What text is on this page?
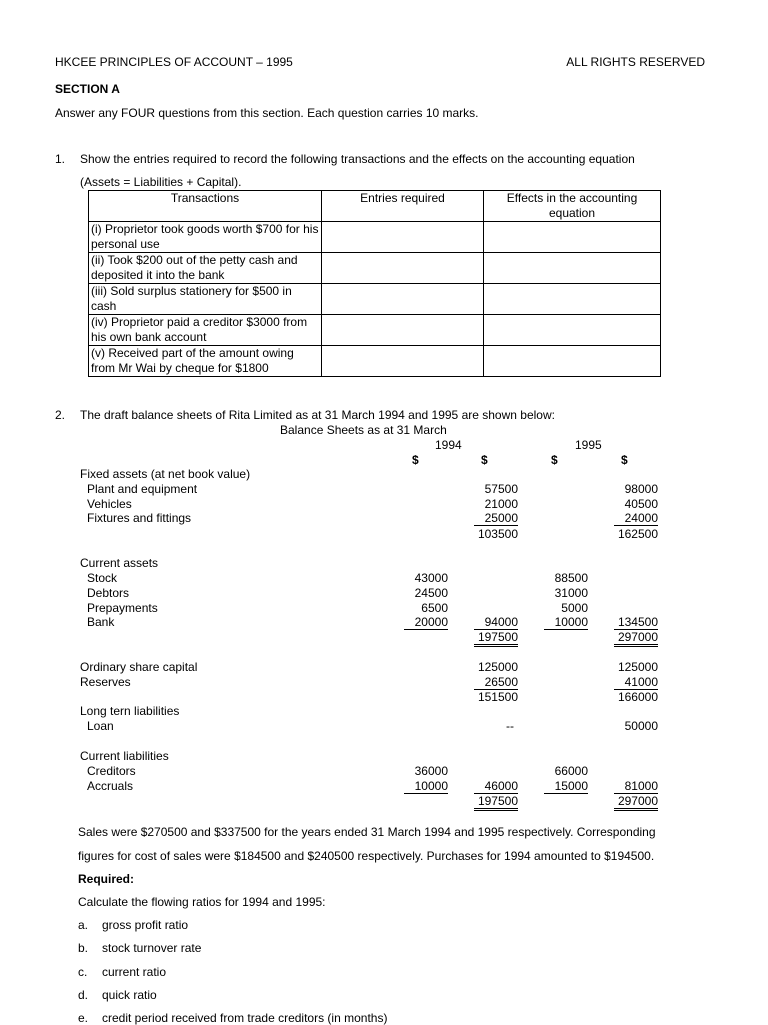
HKCEE PRINCIPLES OF ACCOUNT – 1995	ALL RIGHTS RESERVED
SECTION A
Answer any FOUR questions from this section. Each question carries 10 marks.
1. Show the entries required to record the following transactions and the effects on the accounting equation
(Assets = Liabilities + Capital).
Transactions	Entries required	Effects in the accounting equation
(i) Proprietor took goods worth $700 for his personal use		
(ii) Took $200 out of the petty cash and deposited it into the bank		
(iii) Sold surplus stationery for $500 in cash		
(iv) Proprietor paid a creditor $3000 from his own bank account		
(v) Received part of the amount owing from Mr Wai by cheque for $1800		
2. The draft balance sheets of Rita Limited as at 31 March 1994 and 1995 are shown below:
Balance Sheets as at 31 March
1994	1995
$	$	$	$
Fixed assets (at net book value)
Plant and equipment	57500	98000
Vehicles	21000	40500
Fixtures and fittings	25000	24000
103500	162500
Current assets
Stock	43000	88500
Debtors	24500	31000
Prepayments	6500	5000
Bank	20000	94000	10000	134500
197500	297000
Ordinary share capital	125000	125000
Reserves	26500	41000
151500	166000
Long tern liabilities
Loan	--	50000
Current liabilities
Creditors	36000	66000
Accruals	10000	46000	15000	81000
197500	297000
Sales were $270500 and $337500 for the years ended 31 March 1994 and 1995 respectively. Corresponding
figures for cost of sales were $184500 and $240500 respectively. Purchases for 1994 amounted to $194500.
Required:
Calculate the flowing ratios for 1994 and 1995:
a. gross profit ratio
b. stock turnover rate
c. current ratio
d. quick ratio
e. credit period received from trade creditors (in months)
